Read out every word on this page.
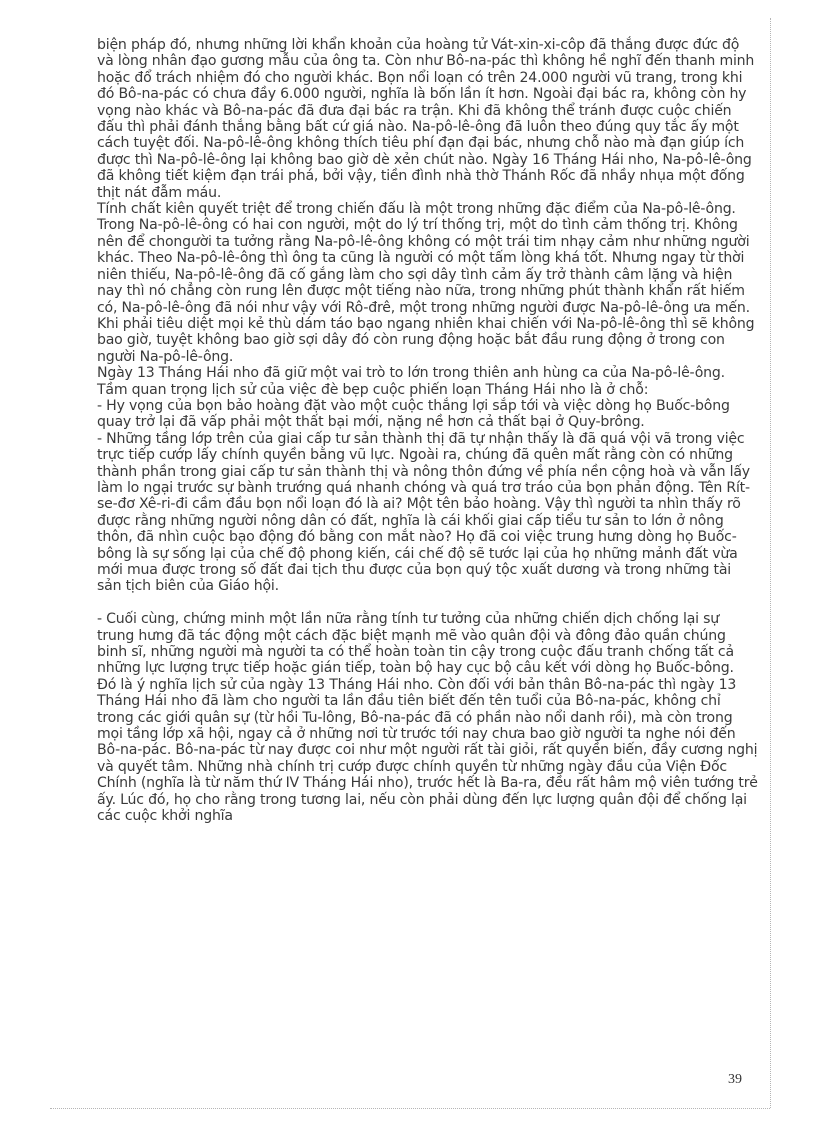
biện pháp đó, nhưng những lời khẩn khoản của hoàng tử Vát-xin-xi-côp đã thắng được đức độ và lòng nhân đạo gương mẫu của ông ta. Còn như Bô-na-pác thì không hề nghĩ đến thanh minh hoặc đổ trách nhiệm đó cho người khác. Bọn nổi loạn có trên 24.000 người vũ trang, trong khi đó Bô-na-pác có chưa đầy 6.000 người, nghĩa là bốn lần ít hơn. Ngoài đại bác ra, không còn hy vọng nào khác và Bô-na-pác đã đưa đại bác ra trận. Khi đã không thể tránh được cuộc chiến đấu thì phải đánh thắng bằng bất cứ giá nào. Na-pô-lê-ông đã luôn theo đúng quy tắc ấy một cách tuyệt đối. Na-pô-lê-ông không thích tiêu phí đạn đại bác, nhưng chỗ nào mà đạn giúp ích được thì Na-pô-lê-ông lại không bao giờ dè xẻn chút nào. Ngày 16 Tháng Hái nho, Na-pô-lê-ông đã không tiết kiệm đạn trái phá, bởi vậy, tiền đình nhà thờ Thánh Rốc đã nhầy nhụa một đống thịt nát đẫm máu.

Tính chất kiên quyết triệt để trong chiến đấu là một trong những đặc điểm của Na-pô-lê-ông. Trong Na-pô-lê-ông có hai con người, một do lý trí thống trị, một do tình cảm thống trị. Không nên để chongười ta tưởng rằng Na-pô-lê-ông không có một trái tim nhạy cảm như những người khác. Theo Na-pô-lê-ông thì ông ta cũng là người có một tấm lòng khá tốt. Nhưng ngay từ thời niên thiếu, Na-pô-lê-ông đã cố gắng làm cho sợi dây tình cảm ấy trở thành câm lặng và hiện nay thì nó chẳng còn rung lên được một tiếng nào nữa, trong những phút thành khẩn rất hiếm có, Na-pô-lê-ông đã nói như vậy với Rô-đrê, một trong những người được Na-pô-lê-ông ưa mến.

Khi phải tiêu diệt mọi kẻ thù dám táo bạo ngang nhiên khai chiến với Na-pô-lê-ông thì sẽ không bao giờ, tuyệt không bao giờ sợi dây đó còn rung động hoặc bắt đầu rung động ở trong con người Na-pô-lê-ông.

Ngày 13 Tháng Hái nho đã giữ một vai trò to lớn trong thiên anh hùng ca của Na-pô-lê-ông. Tầm quan trọng lịch sử của việc đè bẹp cuộc phiến loạn Tháng Hái nho là ở chỗ:

- Hy vọng của bọn bảo hoàng đặt vào một cuộc thắng lợi sắp tới và việc dòng họ Buốc-bông quay trở lại đã vấp phải một thất bại mới, nặng nề hơn cả thất bại ở Quy-brông.

- Những tầng lớp trên của giai cấp tư sản thành thị đã tự nhận thấy là đã quá vội vã trong việc trực tiếp cướp lấy chính quyền bằng vũ lực. Ngoài ra, chúng đã quên mất rằng còn có những thành phần trong giai cấp tư sản thành thị và nông thôn đứng về phía nền cộng hoà và vẫn lấy làm lo ngại trước sự bành trướng quá nhanh chóng và quá trơ tráo của bọn phản động. Tên Rít-se-đơ Xê-ri-đi cầm đầu bọn nổi loạn đó là ai? Một tên bảo hoàng. Vậy thì người ta nhìn thấy rõ được rằng những người nông dân có đất, nghĩa là cái khối giai cấp tiểu tư sản to lớn ở nông thôn, đã nhìn cuộc bạo động đó bằng con mắt nào? Họ đã coi việc trung hưng dòng họ Buốc-bông là sự sống lại của chế độ phong kiến, cái chế độ sẽ tước lại của họ những mảnh đất vừa mới mua được trong số đất đai tịch thu được của bọn quý tộc xuất dương và trong những tài sản tịch biên của Giáo hội.

- Cuối cùng, chứng minh một lần nữa rằng tính tư tưởng của những chiến dịch chống lại sự trung hưng đã tác động một cách đặc biệt mạnh mẽ vào quân đội và đông đảo quần chúng binh sĩ, những người mà người ta có thể hoàn toàn tin cậy trong cuộc đấu tranh chống tất cả những lực lượng trực tiếp hoặc gián tiếp, toàn bộ hay cục bộ câu kết với dòng họ Buốc-bông.

Đó là ý nghĩa lịch sử của ngày 13 Tháng Hái nho. Còn đối với bản thân Bô-na-pác thì ngày 13 Tháng Hái nho đã làm cho người ta lần đầu tiên biết đến tên tuổi của Bô-na-pác, không chỉ trong các giới quân sự (từ hồi Tu-lông, Bô-na-pác đã có phần nào nổi danh rồi), mà còn trong mọi tầng lớp xã hội, ngay cả ở những nơi từ trước tới nay chưa bao giờ người ta nghe nói đến Bô-na-pác. Bô-na-pác từ nay được coi như một người rất tài giỏi, rất quyền biến, đầy cương nghị và quyết tâm. Những nhà chính trị cướp được chính quyền từ những ngày đầu của Viện Đốc Chính (nghĩa là từ năm thứ IV Tháng Hái nho), trước hết là Ba-ra, đều rất hâm mộ viên tướng trẻ ấy. Lúc đó, họ cho rằng trong tương lai, nếu còn phải dùng đến lực lượng quân đội để chống lại các cuộc khởi nghĩa

39
